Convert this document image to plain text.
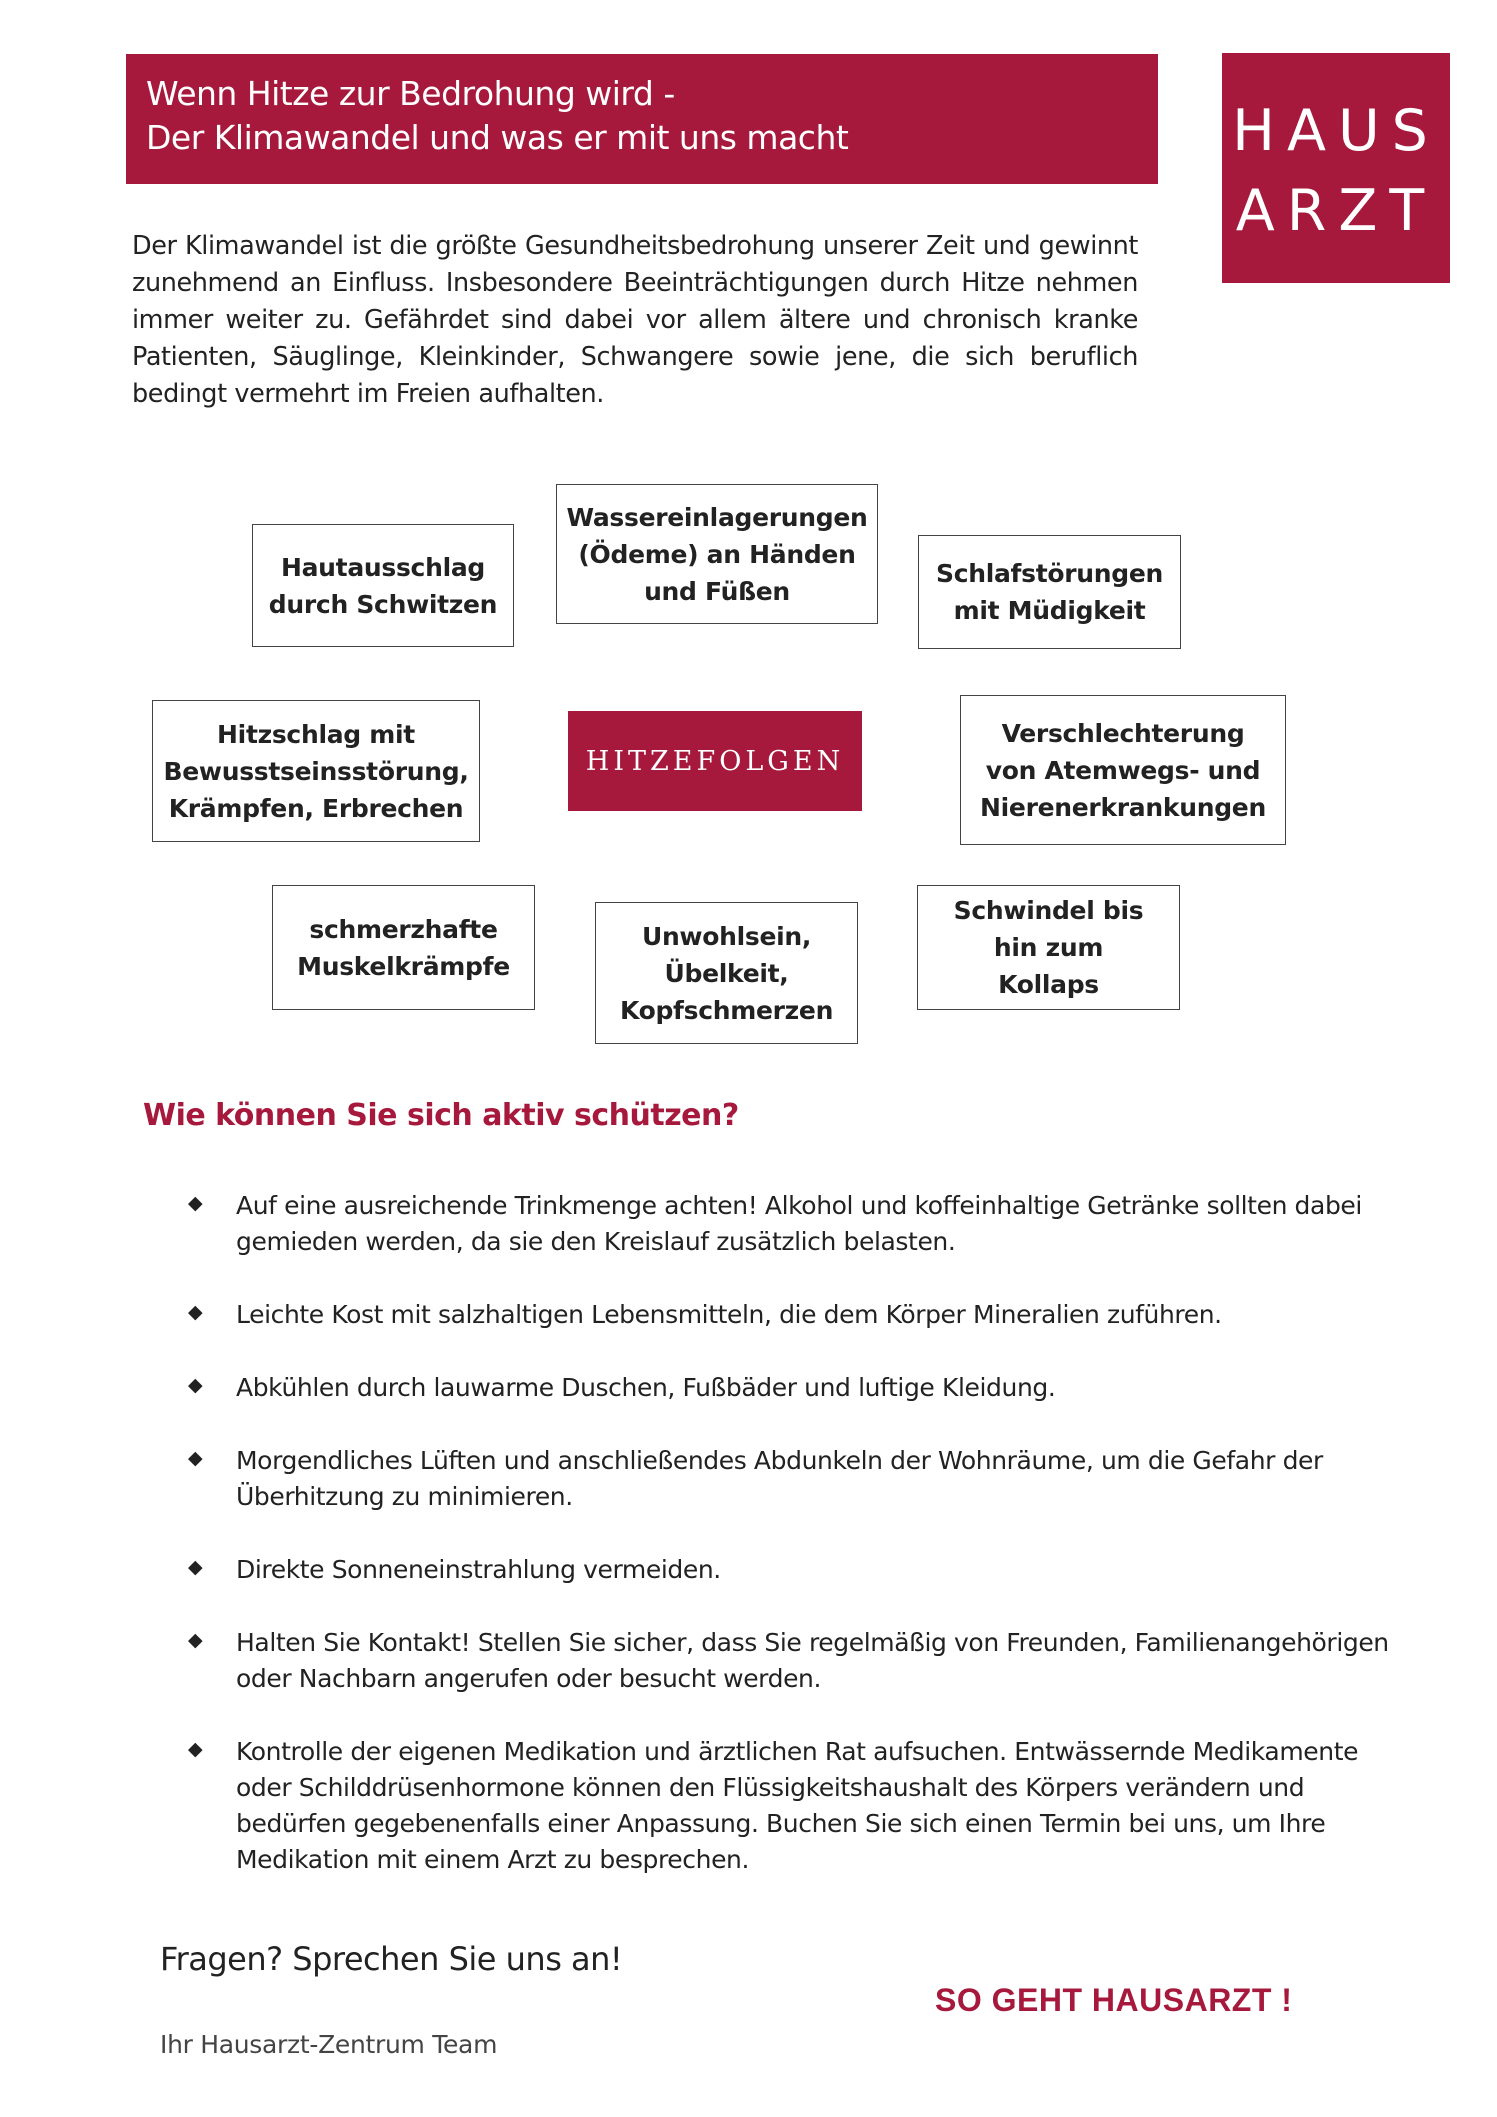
Wenn Hitze zur Bedrohung wird -
Der Klimawandel und was er mit uns macht	HAUS
ARZT
Der Klimawandel ist die größte Gesundheitsbedrohung unserer Zeit und gewinnt zunehmend an Einfluss. Insbesondere Beeinträchtigungen durch Hitze nehmen immer weiter zu. Gefährdet sind dabei vor allem ältere und chronisch kranke Patienten, Säuglinge, Kleinkinder, Schwangere sowie jene, die sich beruflich bedingt vermehrt im Freien aufhalten.
Hautausschlag durch Schwitzen
Wassereinlagerungen (Ödeme) an Händen und Füßen
Schlafstörungen mit Müdigkeit
Hitzschlag mit Bewusstseinsstörung, Krämpfen, Erbrechen
HITZEFOLGEN
Verschlechterung von Atemwegs- und Nierenerkrankungen
schmerzhafte Muskelkrämpfe
Unwohlsein, Übelkeit, Kopfschmerzen
Schwindel bis hin zum Kollaps
Wie können Sie sich aktiv schützen?
◆ Auf eine ausreichende Trinkmenge achten! Alkohol und koffeinhaltige Getränke sollten dabei gemieden werden, da sie den Kreislauf zusätzlich belasten.
◆ Leichte Kost mit salzhaltigen Lebensmitteln, die dem Körper Mineralien zuführen.
◆ Abkühlen durch lauwarme Duschen, Fußbäder und luftige Kleidung.
◆ Morgendliches Lüften und anschließendes Abdunkeln der Wohnräume, um die Gefahr der Überhitzung zu minimieren.
◆ Direkte Sonneneinstrahlung vermeiden.
◆ Halten Sie Kontakt! Stellen Sie sicher, dass Sie regelmäßig von Freunden, Familienangehörigen oder Nachbarn angerufen oder besucht werden.
◆ Kontrolle der eigenen Medikation und ärztlichen Rat aufsuchen. Entwässernde Medikamente oder Schilddrüsenhormone können den Flüssigkeitshaushalt des Körpers verändern und bedürfen gegebenenfalls einer Anpassung. Buchen Sie sich einen Termin bei uns, um Ihre Medikation mit einem Arzt zu besprechen.
Fragen? Sprechen Sie uns an!
Ihr Hausarzt-Zentrum Team
SO GEHT HAUSARZT !
